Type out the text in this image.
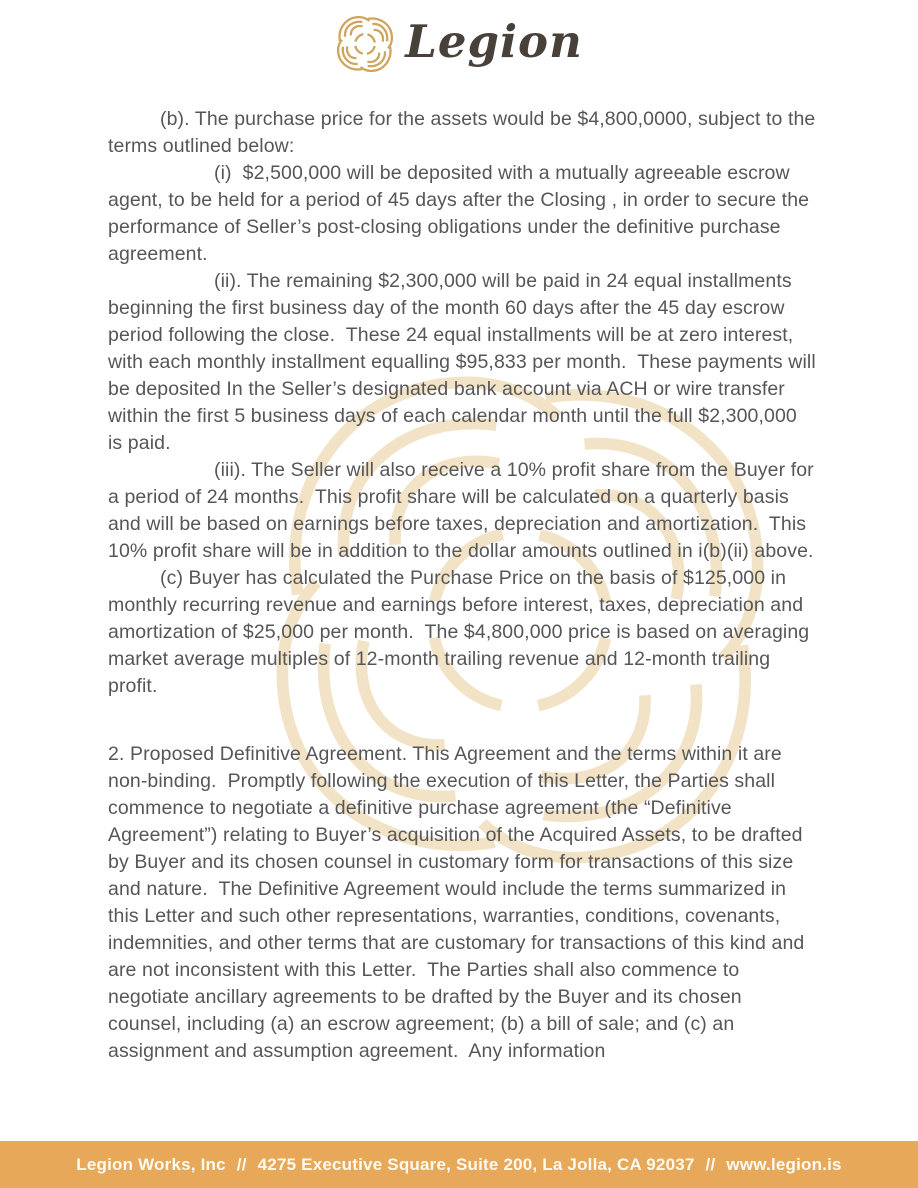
Legion

(b). The purchase price for the assets would be $4,800,0000, subject to the terms outlined below:

(i)  $2,500,000 will be deposited with a mutually agreeable escrow agent, to be held for a period of 45 days after the Closing , in order to secure the performance of Seller’s post-closing obligations under the definitive purchase agreement.

(ii). The remaining $2,300,000 will be paid in 24 equal installments beginning the first business day of the month 60 days after the 45 day escrow period following the close.  These 24 equal installments will be at zero interest, with each monthly installment equalling $95,833 per month.  These payments will be deposited In the Seller’s designated bank account via ACH or wire transfer within the first 5 business days of each calendar month until the full $2,300,000 is paid.

(iii). The Seller will also receive a 10% profit share from the Buyer for a period of 24 months.  This profit share will be calculated on a quarterly basis and will be based on earnings before taxes, depreciation and amortization.  This 10% profit share will be in addition to the dollar amounts outlined in i(b)(ii) above.

(c) Buyer has calculated the Purchase Price on the basis of $125,000 in monthly recurring revenue and earnings before interest, taxes, depreciation and amortization of $25,000 per month.  The $4,800,000 price is based on averaging market average multiples of 12-month trailing revenue and 12-month trailing profit.

2. Proposed Definitive Agreement. This Agreement and the terms within it are non-binding.  Promptly following the execution of this Letter, the Parties shall commence to negotiate a definitive purchase agreement (the “Definitive Agreement”) relating to Buyer’s acquisition of the Acquired Assets, to be drafted by Buyer and its chosen counsel in customary form for transactions of this size and nature.  The Definitive Agreement would include the terms summarized in this Letter and such other representations, warranties, conditions, covenants, indemnities, and other terms that are customary for transactions of this kind and are not inconsistent with this Letter.  The Parties shall also commence to negotiate ancillary agreements to be drafted by the Buyer and its chosen counsel, including (a) an escrow agreement; (b) a bill of sale; and (c) an assignment and assumption agreement.  Any information

Legion Works, Inc // 4275 Executive Square, Suite 200, La Jolla, CA 92037 // www.legion.is
